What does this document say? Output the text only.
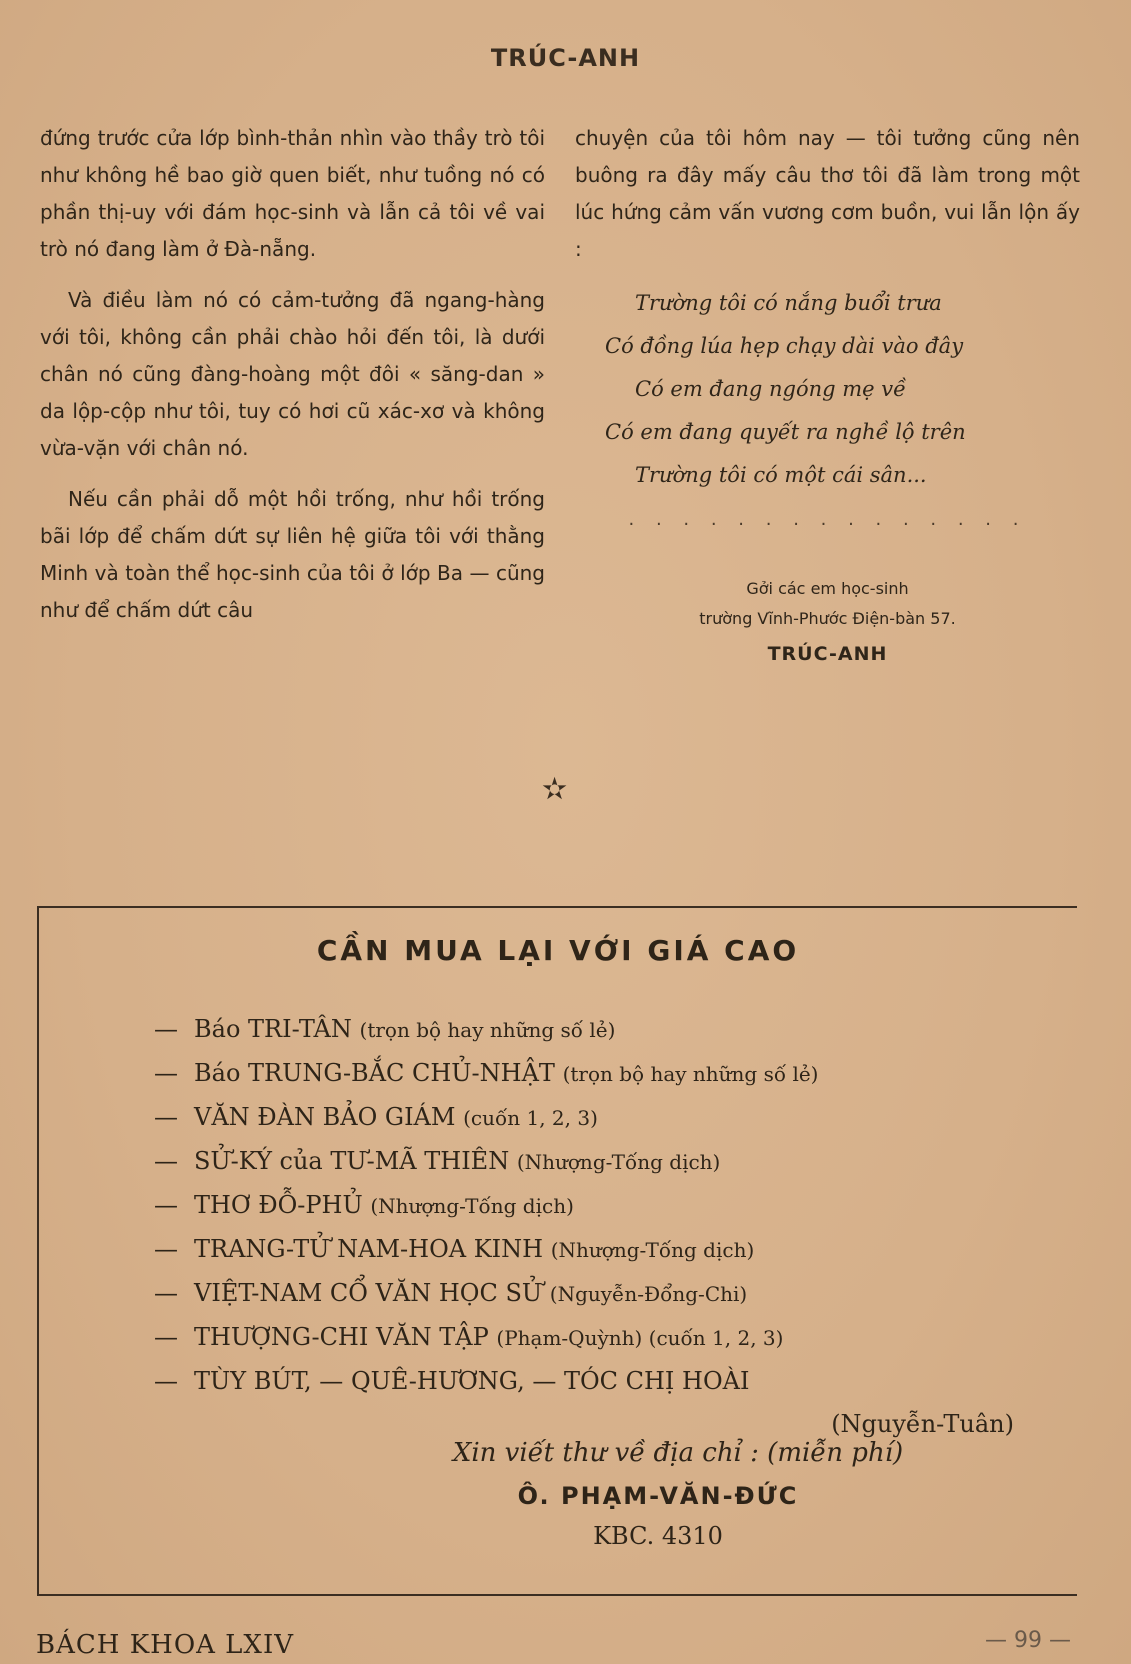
TRÚC-ANH

đứng trước cửa lớp bình-thản nhìn vào thầy trò tôi như không hề bao giờ quen biết, như tuồng nó có phần thị-uy với đám học-sinh và lẫn cả tôi về vai trò nó đang làm ở Đà-nẵng.

Và điều làm nó có cảm-tưởng đã ngang-hàng với tôi, không cần phải chào hỏi đến tôi, là dưới chân nó cũng đàng-hoàng một đôi « săng-dan » da lộp-cộp như tôi, tuy có hơi cũ xác-xơ và không vừa-vặn với chân nó.

Nếu cần phải dỗ một hồi trống, như hồi trống bãi lớp để chấm dứt sự liên hệ giữa tôi với thằng Minh và toàn thể học-sinh của tôi ở lớp Ba — cũng như để chấm dứt câu

chuyện của tôi hôm nay — tôi tưởng cũng nên buông ra đây mấy câu thơ tôi đã làm trong một lúc hứng cảm vấn vương cơm buồn, vui lẫn lộn ấy :

Trường tôi có nắng buổi trưa
Có đồng lúa hẹp chạy dài vào đây
Có em đang ngóng mẹ về
Có em đang quyết ra nghề lộ trên
Trường tôi có một cái sân...
. . . . . . . . . . . . . . .
Gởi các em học-sinh
trường Vĩnh-Phước Điện-bàn 57.
TRÚC-ANH
✫
CẦN MUA LẠI VỚI GIÁ CAO
— Báo TRI-TÂN (trọn bộ hay những số lẻ)
— Báo TRUNG-BẮC CHỦ-NHẬT (trọn bộ hay những số lẻ)
— VĂN ĐÀN BẢO GIÁM (cuốn 1, 2, 3)
— SỬ-KÝ của TƯ-MÃ THIÊN (Nhượng-Tống dịch)
— THƠ ĐỖ-PHỦ (Nhượng-Tống dịch)
— TRANG-TỬ NAM-HOA KINH (Nhượng-Tống dịch)
— VIỆT-NAM CỔ VĂN HỌC SỬ (Nguyễn-Đổng-Chi)
— THƯỢNG-CHI VĂN TẬP (Phạm-Quỳnh) (cuốn 1, 2, 3)
— TÙY BÚT, — QUÊ-HƯƠNG, — TÓC CHỊ HOÀI
(Nguyễn-Tuân)
Xin viết thư về địa chỉ : (miễn phí)
Ô. PHẠM-VĂN-ĐỨC
KBC. 4310
BÁCH KHOA LXIV	— 99 —
